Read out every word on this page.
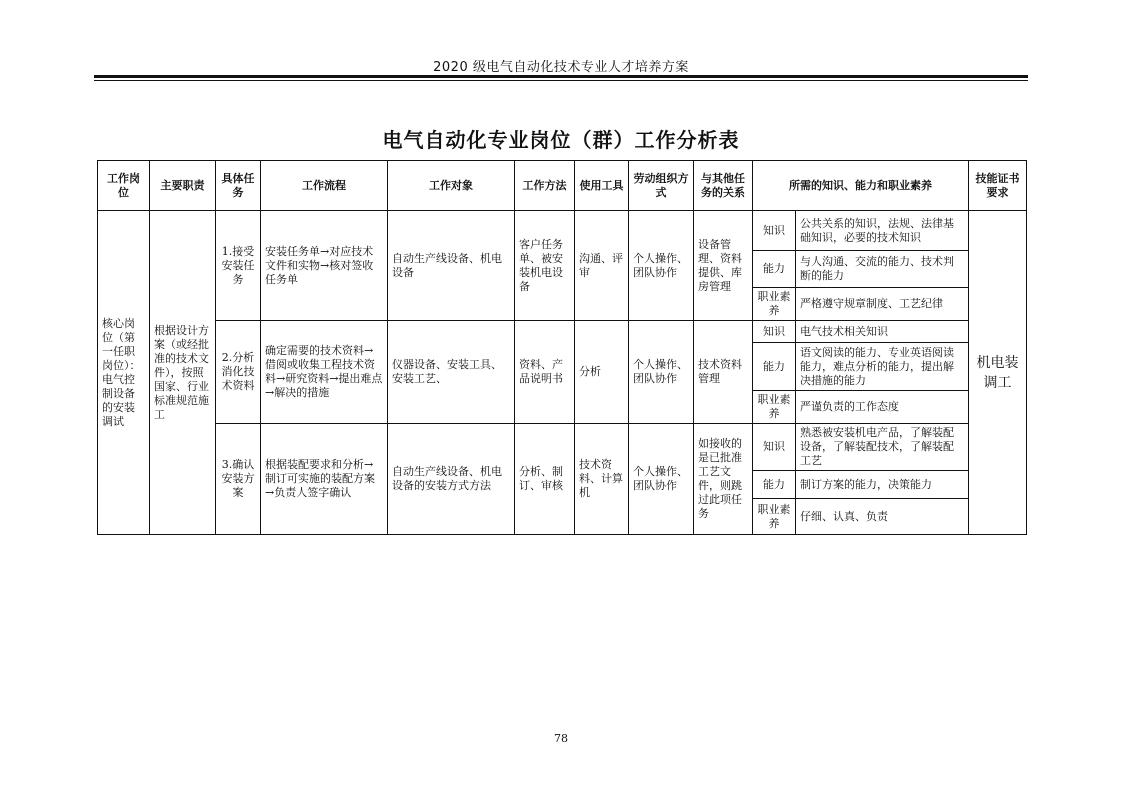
2020 级电气自动化技术专业人才培养方案
电气自动化专业岗位（群）工作分析表
工作岗位	主要职责	具体任务	工作流程	工作对象	工作方法	使用工具	劳动组织方式	与其他任务的关系	所需的知识、能力和职业素养		技能证书要求
核心岗位（第一任职岗位）：电气控制设备的安装调试	根据设计方案（或经批准的技术文件），按照国家、行业标准规范施工	1.接受安装任务	安装任务单→对应技术文件和实物→核对签收任务单	自动生产线设备、机电设备	客户任务单、被安装机电设备	沟通、评审	个人操作、团队协作	设备管理、资料提供、库房管理	知识	公共关系的知识，法规、法律基础知识，必要的技术知识	机电装调工
									能力	与人沟通、交流的能力、技术判断的能力	
									职业素养	严格遵守规章制度、工艺纪律	
		2.分析消化技术资料	确定需要的技术资料→借阅或收集工程技术资料→研究资料→提出难点→解决的措施	仪器设备、安装工具、安装工艺、	资料、产品说明书	分析	个人操作、团队协作	技术资料管理	知识	电气技术相关知识	
									能力	语文阅读的能力、专业英语阅读能力，难点分析的能力，提出解决措施的能力	
									职业素养	严谨负责的工作态度	
		3.确认安装方案	根据装配要求和分析→制订可实施的装配方案→负责人签字确认	自动生产线设备、机电设备的安装方式方法	分析、制订、审核	技术资料、计算机	个人操作、团队协作	如接收的是已批准工艺文件，则跳过此项任务	知识	熟悉被安装机电产品，了解装配设备，了解装配技术，了解装配工艺	
									能力	制订方案的能力，决策能力	
									职业素养	仔细、认真、负责	
78
